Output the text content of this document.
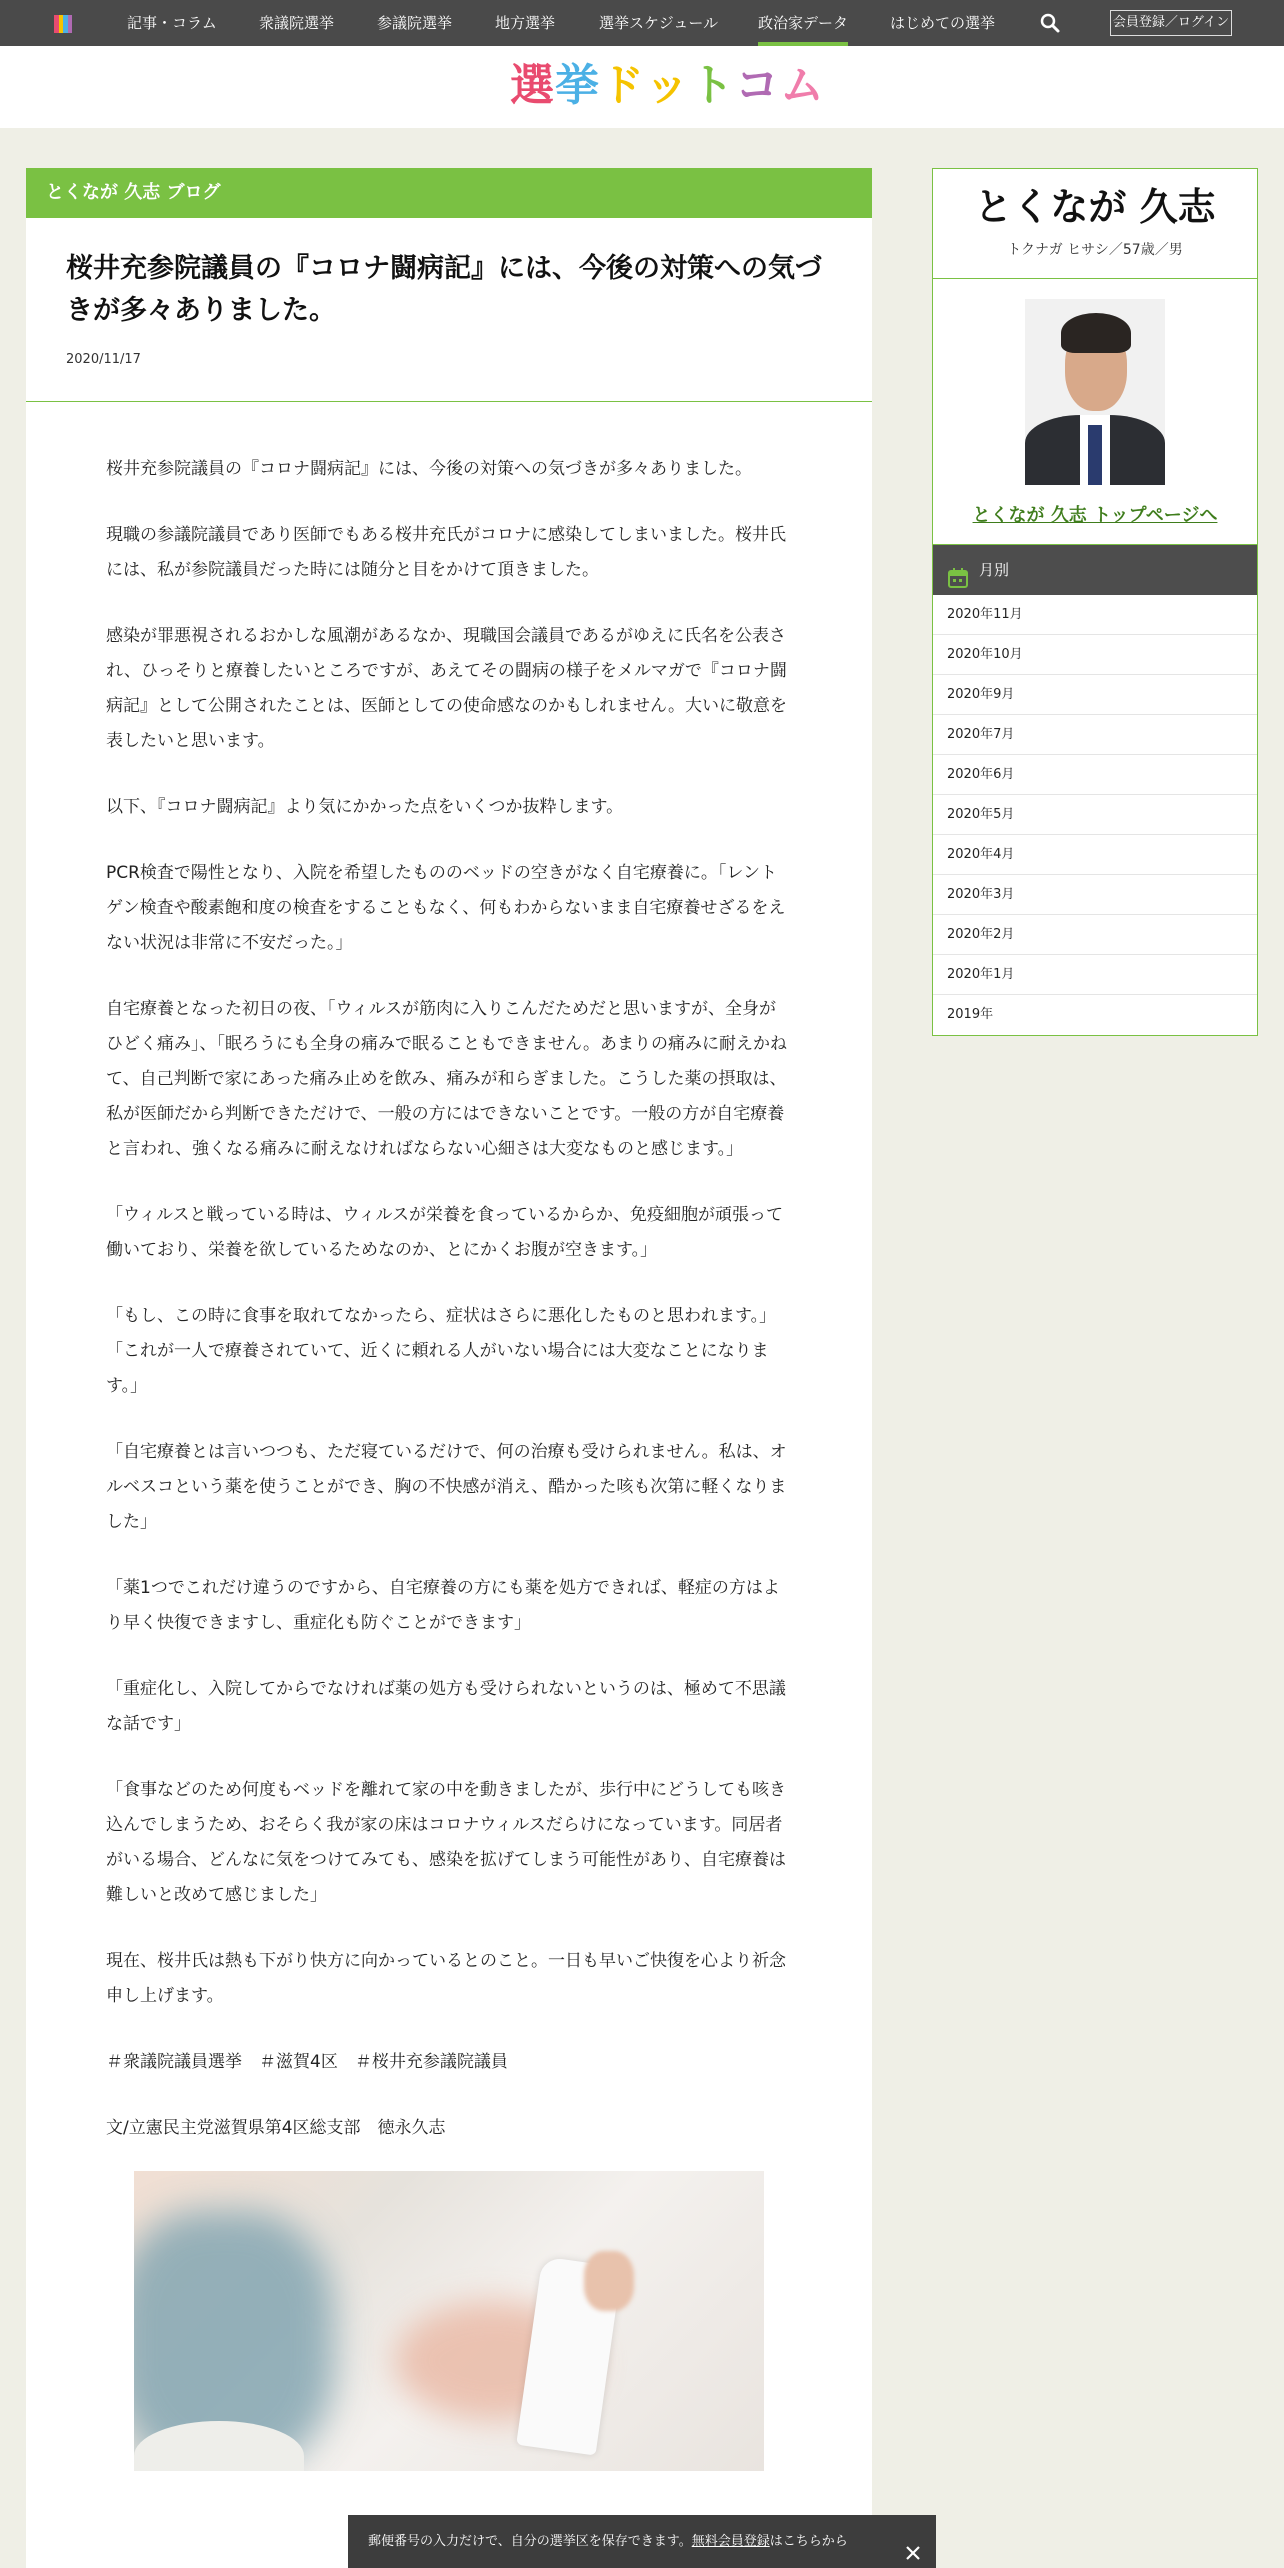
記事・コラム	衆議院選挙	参議院選挙	地方選挙	選挙スケジュール	政治家データ	はじめての選挙	会員登録／ログイン
選挙ドットコム
とくなが 久志 ブログ
桜井充参院議員の『コロナ闘病記』には、今後の対策への気づきが多々ありました。
2020/11/17

桜井充参院議員の『コロナ闘病記』には、今後の対策への気づきが多々ありました。

現職の参議院議員であり医師でもある桜井充氏がコロナに感染してしまいました。桜井氏には、私が参院議員だった時には随分と目をかけて頂きました。

感染が罪悪視されるおかしな風潮があるなか、現職国会議員であるがゆえに氏名を公表され、ひっそりと療養したいところですが、あえてその闘病の様子をメルマガで『コロナ闘病記』として公開されたことは、医師としての使命感なのかもしれません。大いに敬意を表したいと思います。

以下、『コロナ闘病記』より気にかかった点をいくつか抜粋します。

PCR検査で陽性となり、入院を希望したもののベッドの空きがなく自宅療養に。「レントゲン検査や酸素飽和度の検査をすることもなく、何もわからないまま自宅療養せざるをえない状況は非常に不安だった。」

自宅療養となった初日の夜、「ウィルスが筋肉に入りこんだためだと思いますが、全身がひどく痛み」、「眠ろうにも全身の痛みで眠ることもできません。あまりの痛みに耐えかねて、自己判断で家にあった痛み止めを飲み、痛みが和らぎました。こうした薬の摂取は、私が医師だから判断できただけで、一般の方にはできないことです。一般の方が自宅療養と言われ、強くなる痛みに耐えなければならない心細さは大変なものと感じます。」

「ウィルスと戦っている時は、ウィルスが栄養を食っているからか、免疫細胞が頑張って働いており、栄養を欲しているためなのか、とにかくお腹が空きます。」

「もし、この時に食事を取れてなかったら、症状はさらに悪化したものと思われます。」「これが一人で療養されていて、近くに頼れる人がいない場合には大変なことになります。」

「自宅療養とは言いつつも、ただ寝ているだけで、何の治療も受けられません。私は、オルベスコという薬を使うことができ、胸の不快感が消え、酷かった咳も次第に軽くなりました」

「薬1つでこれだけ違うのですから、自宅療養の方にも薬を処方できれば、軽症の方はより早く快復できますし、重症化も防ぐことができます」

「重症化し、入院してからでなければ薬の処方も受けられないというのは、極めて不思議な話です」

「食事などのため何度もベッドを離れて家の中を動きましたが、歩行中にどうしても咳き込んでしまうため、おそらく我が家の床はコロナウィルスだらけになっています。同居者がいる場合、どんなに気をつけてみても、感染を拡げてしまう可能性があり、自宅療養は難しいと改めて感じました」

現在、桜井氏は熱も下がり快方に向かっているとのこと。一日も早いご快復を心より祈念申し上げます。

＃衆議院議員選挙　＃滋賀4区　＃桜井充参議院議員

文/立憲民主党滋賀県第4区総支部　徳永久志

とくなが 久志
トクナガ ヒサシ／57歳／男
とくなが 久志 トップページへ
月別
2020年11月
2020年10月
2020年9月
2020年7月
2020年6月
2020年5月
2020年4月
2020年3月
2020年2月
2020年1月
2019年
郵便番号の入力だけで、自分の選挙区を保存できます。無料会員登録はこちらから
